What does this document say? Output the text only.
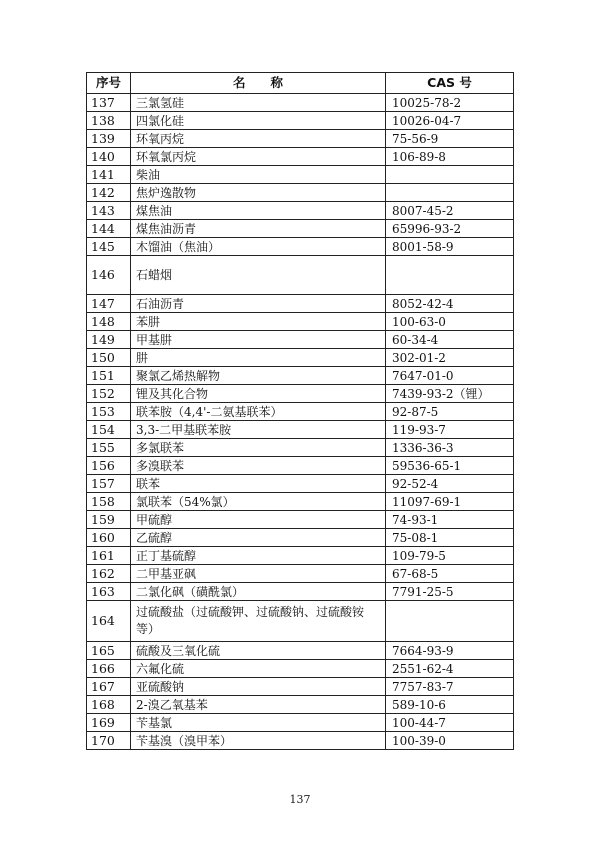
序号	名　　称	CAS 号
137	三氯氢硅	10025-78-2
138	四氯化硅	10026-04-7
139	环氧丙烷	75-56-9
140	环氧氯丙烷	106-89-8
141	柴油	
142	焦炉逸散物	
143	煤焦油	8007-45-2
144	煤焦油沥青	65996-93-2
145	木馏油（焦油）	8001-58-9
146	石蜡烟	
147	石油沥青	8052-42-4
148	苯肼	100-63-0
149	甲基肼	60-34-4
150	肼	302-01-2
151	聚氯乙烯热解物	7647-01-0
152	锂及其化合物	7439-93-2（锂）
153	联苯胺（4,4'-二氨基联苯）	92-87-5
154	3,3-二甲基联苯胺	119-93-7
155	多氯联苯	1336-36-3
156	多溴联苯	59536-65-1
157	联苯	92-52-4
158	氯联苯（54%氯）	11097-69-1
159	甲硫醇	74-93-1
160	乙硫醇	75-08-1
161	正丁基硫醇	109-79-5
162	二甲基亚砜	67-68-5
163	二氯化砜（磺酰氯）	7791-25-5
164	过硫酸盐（过硫酸钾、过硫酸钠、过硫酸铵等）	
165	硫酸及三氧化硫	7664-93-9
166	六氟化硫	2551-62-4
167	亚硫酸钠	7757-83-7
168	2-溴乙氧基苯	589-10-6
169	苄基氯	100-44-7
170	苄基溴（溴甲苯）	100-39-0
137
